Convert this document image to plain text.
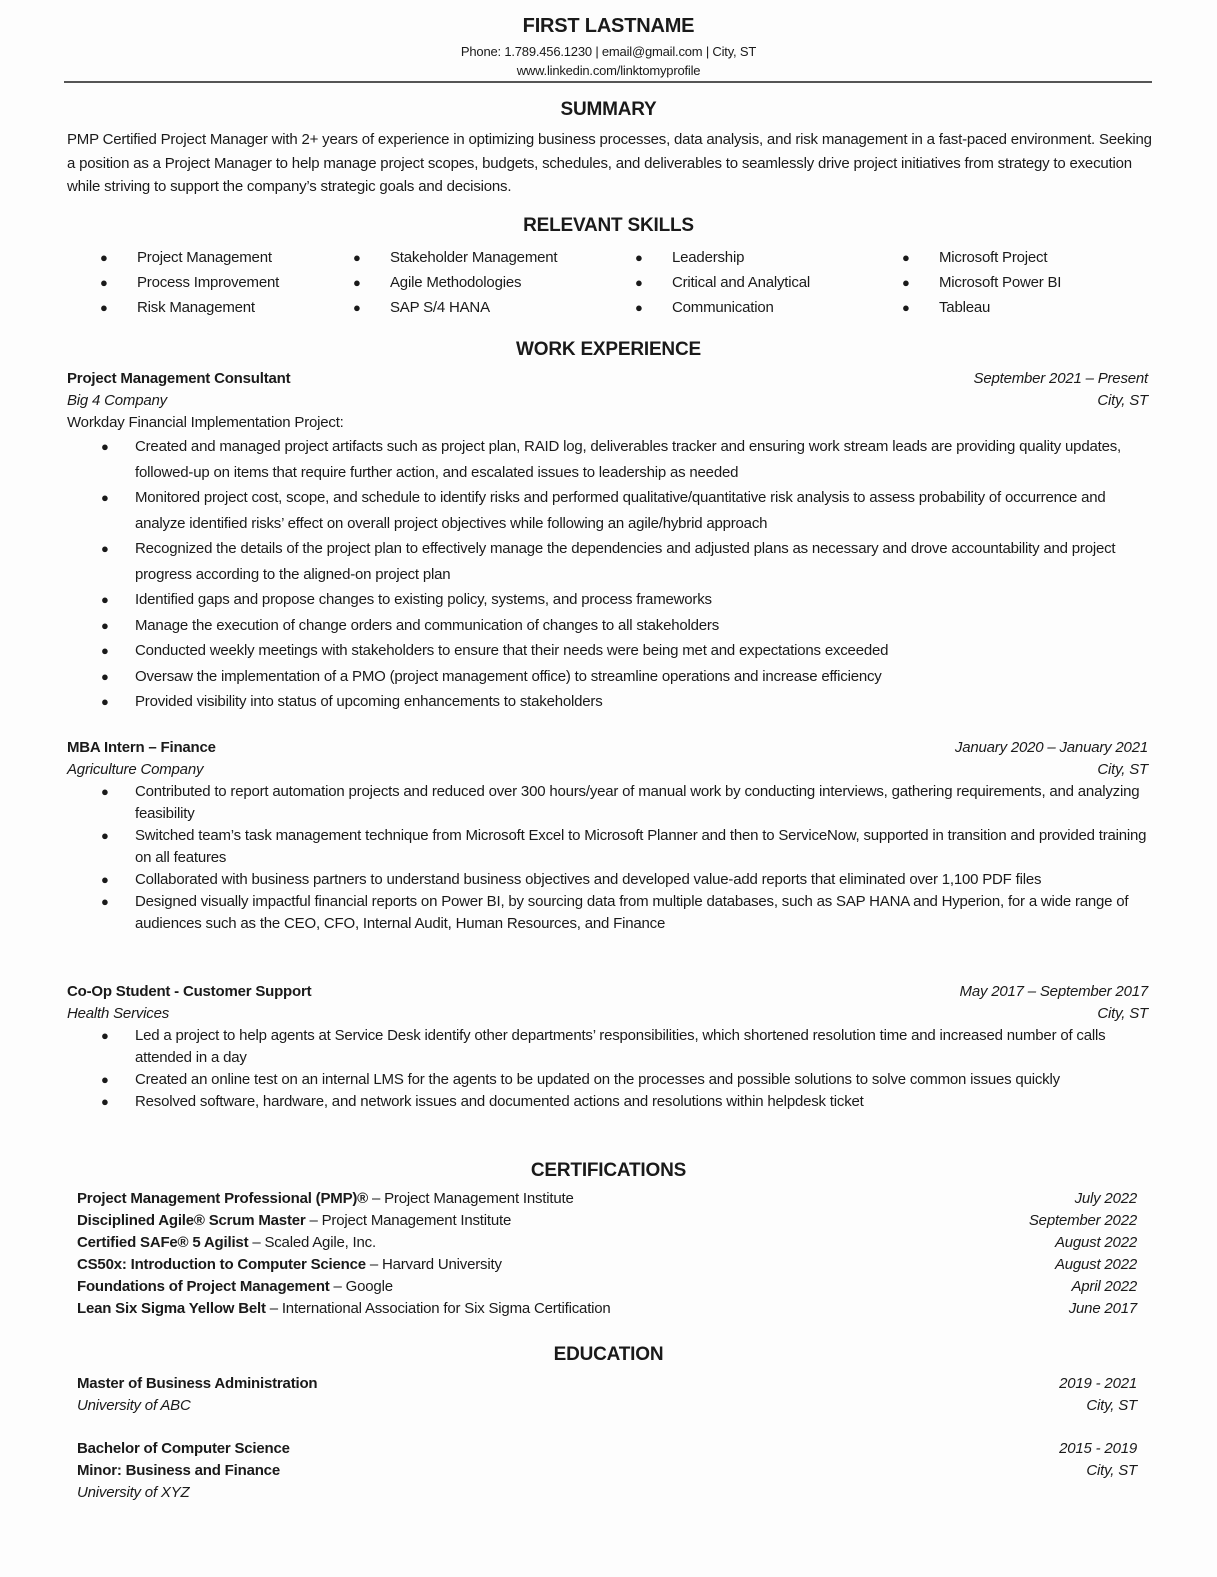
FIRST LASTNAME
Phone: 1.789.456.1230 | email@gmail.com | City, ST
www.linkedin.com/linktomyprofile
SUMMARY
PMP Certified Project Manager with 2+ years of experience in optimizing business processes, data analysis, and risk management in a fast-paced environment. Seeking a position as a Project Manager to help manage project scopes, budgets, schedules, and deliverables to seamlessly drive project initiatives from strategy to execution while striving to support the company’s strategic goals and decisions.
RELEVANT SKILLS
● Project Management	● Stakeholder Management	● Leadership	● Microsoft Project
● Process Improvement	● Agile Methodologies	● Critical and Analytical	● Microsoft Power BI
● Risk Management	● SAP S/4 HANA	● Communication	● Tableau
WORK EXPERIENCE
Project Management Consultant	September 2021 – Present
Big 4 Company	City, ST
Workday Financial Implementation Project:
● Created and managed project artifacts such as project plan, RAID log, deliverables tracker and ensuring work stream leads are providing quality updates, followed-up on items that require further action, and escalated issues to leadership as needed
● Monitored project cost, scope, and schedule to identify risks and performed qualitative/quantitative risk analysis to assess probability of occurrence and analyze identified risks’ effect on overall project objectives while following an agile/hybrid approach
● Recognized the details of the project plan to effectively manage the dependencies and adjusted plans as necessary and drove accountability and project progress according to the aligned-on project plan
● Identified gaps and propose changes to existing policy, systems, and process frameworks
● Manage the execution of change orders and communication of changes to all stakeholders
● Conducted weekly meetings with stakeholders to ensure that their needs were being met and expectations exceeded
● Oversaw the implementation of a PMO (project management office) to streamline operations and increase efficiency
● Provided visibility into status of upcoming enhancements to stakeholders
MBA Intern – Finance	January 2020 – January 2021
Agriculture Company	City, ST
● Contributed to report automation projects and reduced over 300 hours/year of manual work by conducting interviews, gathering requirements, and analyzing feasibility
● Switched team’s task management technique from Microsoft Excel to Microsoft Planner and then to ServiceNow, supported in transition and provided training on all features
● Collaborated with business partners to understand business objectives and developed value-add reports that eliminated over 1,100 PDF files
● Designed visually impactful financial reports on Power BI, by sourcing data from multiple databases, such as SAP HANA and Hyperion, for a wide range of audiences such as the CEO, CFO, Internal Audit, Human Resources, and Finance
Co-Op Student - Customer Support	May 2017 – September 2017
Health Services	City, ST
● Led a project to help agents at Service Desk identify other departments’ responsibilities, which shortened resolution time and increased number of calls attended in a day
● Created an online test on an internal LMS for the agents to be updated on the processes and possible solutions to solve common issues quickly
● Resolved software, hardware, and network issues and documented actions and resolutions within helpdesk ticket
CERTIFICATIONS
Project Management Professional (PMP)® – Project Management Institute	July 2022
Disciplined Agile® Scrum Master – Project Management Institute	September 2022
Certified SAFe® 5 Agilist – Scaled Agile, Inc.	August 2022
CS50x: Introduction to Computer Science – Harvard University	August 2022
Foundations of Project Management – Google	April 2022
Lean Six Sigma Yellow Belt – International Association for Six Sigma Certification	June 2017
EDUCATION
Master of Business Administration	2019 - 2021
University of ABC	City, ST
Bachelor of Computer Science	2015 - 2019
Minor: Business and Finance	City, ST
University of XYZ
